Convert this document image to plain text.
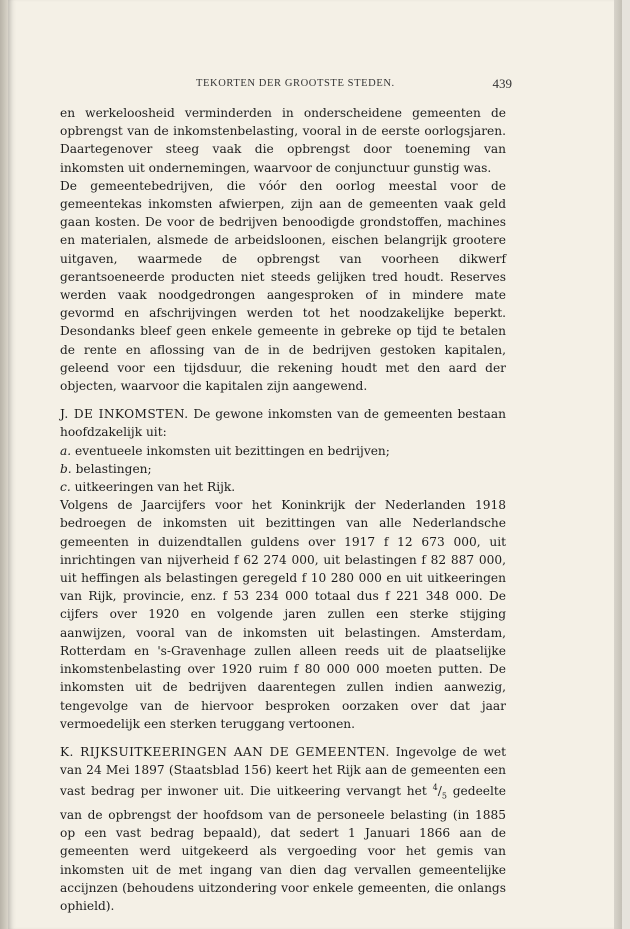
TEKORTEN DER GROOTSTE STEDEN.	439

en werkeloosheid verminderden in onderscheidene gemeenten de opbrengst van de inkomstenbelasting, vooral in de eerste oorlogsjaren. Daartegenover steeg vaak die opbrengst door toeneming van inkomsten uit ondernemingen, waarvoor de conjunctuur gunstig was.

De gemeentebedrijven, die vóór den oorlog meestal voor de gemeentekas inkomsten afwierpen, zijn aan de gemeenten vaak geld gaan kosten. De voor de bedrijven benoodigde grondstoffen, machines en materialen, alsmede de arbeidsloonen, eischen belangrijk grootere uitgaven, waarmede de opbrengst van voorheen dikwerf gerantsoeneerde producten niet steeds gelijken tred houdt. Reserves werden vaak noodgedrongen aangesproken of in mindere mate gevormd en afschrijvingen werden tot het noodzakelijke beperkt. Desondanks bleef geen enkele gemeente in gebreke op tijd te betalen de rente en aflossing van de in de bedrijven gestoken kapitalen, geleend voor een tijdsduur, die rekening houdt met den aard der objecten, waarvoor die kapitalen zijn aangewend.

J. DE INKOMSTEN. De gewone inkomsten van de gemeenten bestaan hoofdzakelijk uit:

a. eventueele inkomsten uit bezittingen en bedrijven;

b. belastingen;

c. uitkeeringen van het Rijk.

Volgens de Jaarcijfers voor het Koninkrijk der Nederlanden 1918 bedroegen de inkomsten uit bezittingen van alle Nederlandsche gemeenten in duizendtallen guldens over 1917 f 12 673 000, uit inrichtingen van nijverheid f 62 274 000, uit belastingen f 82 887 000, uit heffingen als belastingen geregeld f 10 280 000 en uit uitkeeringen van Rijk, provincie, enz. f 53 234 000 totaal dus f 221 348 000. De cijfers over 1920 en volgende jaren zullen een sterke stijging aanwijzen, vooral van de inkomsten uit belastingen. Amsterdam, Rotterdam en 's-Gravenhage zullen alleen reeds uit de plaatselijke inkomstenbelasting over 1920 ruim f 80 000 000 moeten putten. De inkomsten uit de bedrijven daarentegen zullen indien aanwezig, tengevolge van de hiervoor besproken oorzaken over dat jaar vermoedelijk een sterken teruggang vertoonen.

K. RIJKSUITKEERINGEN AAN DE GEMEENTEN. Ingevolge de wet van 24 Mei 1897 (Staatsblad 156) keert het Rijk aan de gemeenten een vast bedrag per inwoner uit. Die uitkeering vervangt het $^4/_5$ gedeelte van de opbrengst der hoofdsom van de personeele belasting (in 1885 op een vast bedrag bepaald), dat sedert 1 Januari 1866 aan de gemeenten werd uitgekeerd als vergoeding voor het gemis van inkomsten uit de met ingang van dien dag vervallen gemeentelijke accijnzen (behoudens uitzondering voor enkele gemeenten, die onlangs ophield).
